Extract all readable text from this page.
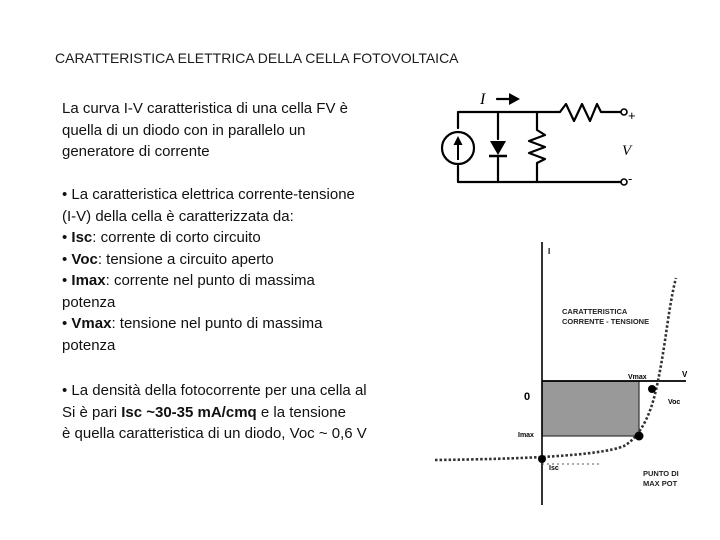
CARATTERISTICA ELETTRICA DELLA CELLA FOTOVOLTAICA
La curva I-V caratteristica di una cella FV è
quella di un diodo con in parallelo un
generatore di corrente
• La caratteristica elettrica corrente-tensione
(I-V) della cella è caratterizzata da:
• Isc: corrente di corto circuito
• Voc: tensione a circuito aperto
• Imax: corrente nel punto di massima
potenza
• Vmax: tensione nel punto di massima
potenza
• La densità della fotocorrente per una cella al
Si è pari Isc ~30-35 mA/cmq e la tensione
è quella caratteristica di un diodo, Voc ~ 0,6 V
I
+
V
-
I
CARATTERISTICA
CORRENTE - TENSIONE
V
Vmax
0	Voc
Imax
Isc
PUNTO DI
MAX POT
